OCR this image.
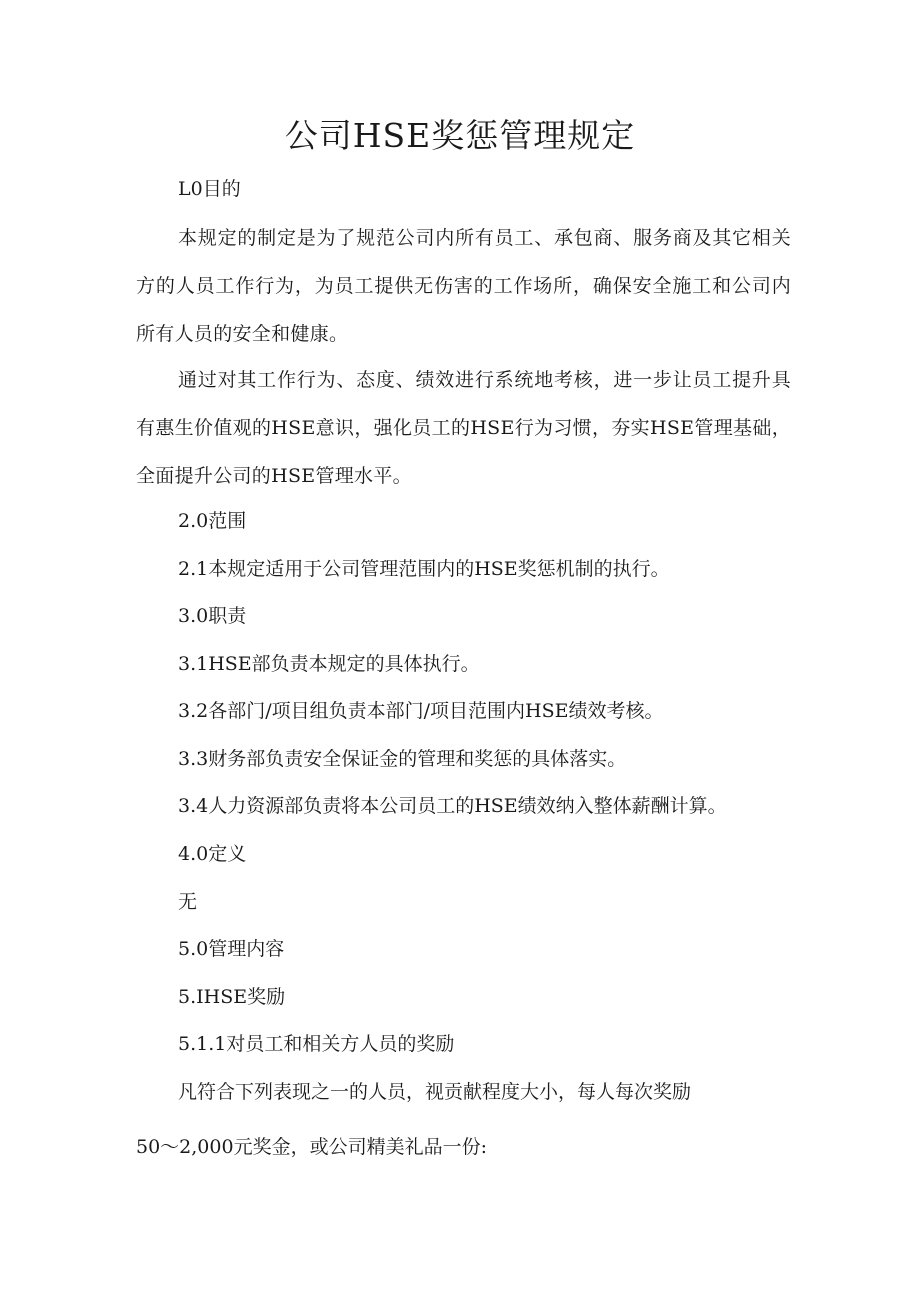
公司HSE奖惩管理规定

L0目的

本规定的制定是为了规范公司内所有员工、承包商、服务商及其它相关方的人员工作行为，为员工提供无伤害的工作场所，确保安全施工和公司内所有人员的安全和健康。

通过对其工作行为、态度、绩效进行系统地考核，进一步让员工提升具有惠生价值观的HSE意识，强化员工的HSE行为习惯，夯实HSE管理基础，全面提升公司的HSE管理水平。

2.0范围

2.1本规定适用于公司管理范围内的HSE奖惩机制的执行。

3.0职责

3.1HSE部负责本规定的具体执行。

3.2各部门/项目组负责本部门/项目范围内HSE绩效考核。

3.3财务部负责安全保证金的管理和奖惩的具体落实。

3.4人力资源部负责将本公司员工的HSE绩效纳入整体薪酬计算。

4.0定义

无

5.0管理内容

5.IHSE奖励

5.1.1对员工和相关方人员的奖励

凡符合下列表现之一的人员，视贡献程度大小，每人每次奖励

50～2,000元奖金，或公司精美礼品一份:
